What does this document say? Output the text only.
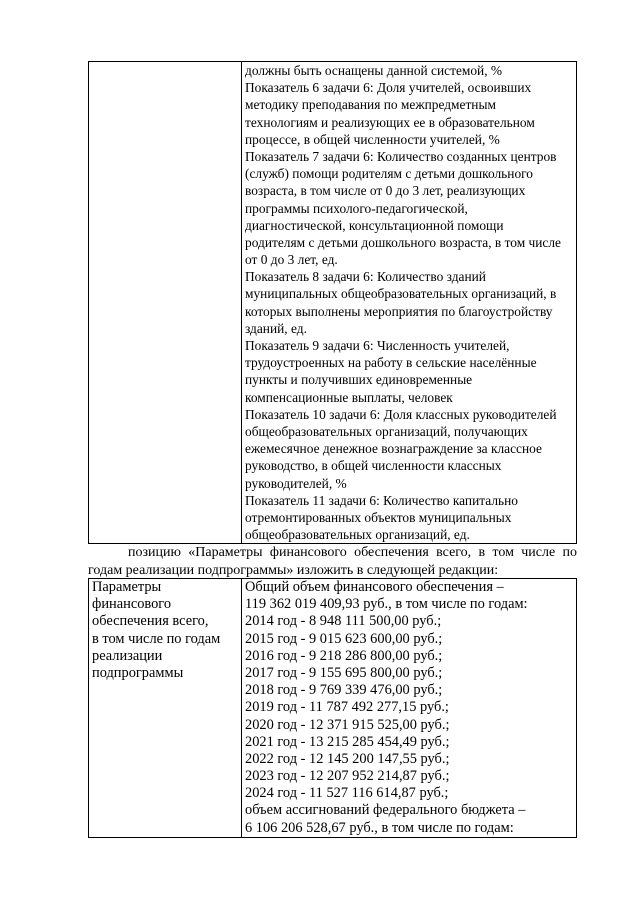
должны быть оснащены данной системой, %
Показатель 6 задачи 6: Доля учителей, освоивших
методику преподавания по межпредметным
технологиям и реализующих ее в образовательном
процессе, в общей численности учителей, %
Показатель 7 задачи 6: Количество созданных центров
(служб) помощи родителям с детьми дошкольного
возраста, в том числе от 0 до 3 лет, реализующих
программы психолого-педагогической,
диагностической, консультационной помощи
родителям с детьми дошкольного возраста, в том числе
от 0 до 3 лет, ед.
Показатель 8 задачи 6: Количество зданий
муниципальных общеобразовательных организаций, в
которых выполнены мероприятия по благоустройству
зданий, ед.
Показатель 9 задачи 6: Численность учителей,
трудоустроенных на работу в сельские населённые
пункты и получивших единовременные
компенсационные выплаты, человек
Показатель 10 задачи 6: Доля классных руководителей
общеобразовательных организаций, получающих
ежемесячное денежное вознаграждение за классное
руководство, в общей численности классных
руководителей, %
Показатель 11 задачи 6: Количество капитально
отремонтированных объектов муниципальных
общеобразовательных организаций, ед.
позицию «Параметры финансового обеспечения всего, в том числе по
годам реализации подпрограммы» изложить в следующей редакции:
Параметры
финансового
обеспечения всего,
в том числе по годам
реализации
подпрограммы

Общий объем финансового обеспечения –
119 362 019 409,93 руб., в том числе по годам:
2014 год - 8 948 111 500,00 руб.;
2015 год - 9 015 623 600,00 руб.;
2016 год - 9 218 286 800,00 руб.;
2017 год - 9 155 695 800,00 руб.;
2018 год - 9 769 339 476,00 руб.;
2019 год - 11 787 492 277,15 руб.;
2020 год - 12 371 915 525,00 руб.;
2021 год - 13 215 285 454,49 руб.;
2022 год - 12 145 200 147,55 руб.;
2023 год - 12 207 952 214,87 руб.;
2024 год - 11 527 116 614,87 руб.;
объем ассигнований федерального бюджета –
6 106 206 528,67 руб., в том числе по годам:
